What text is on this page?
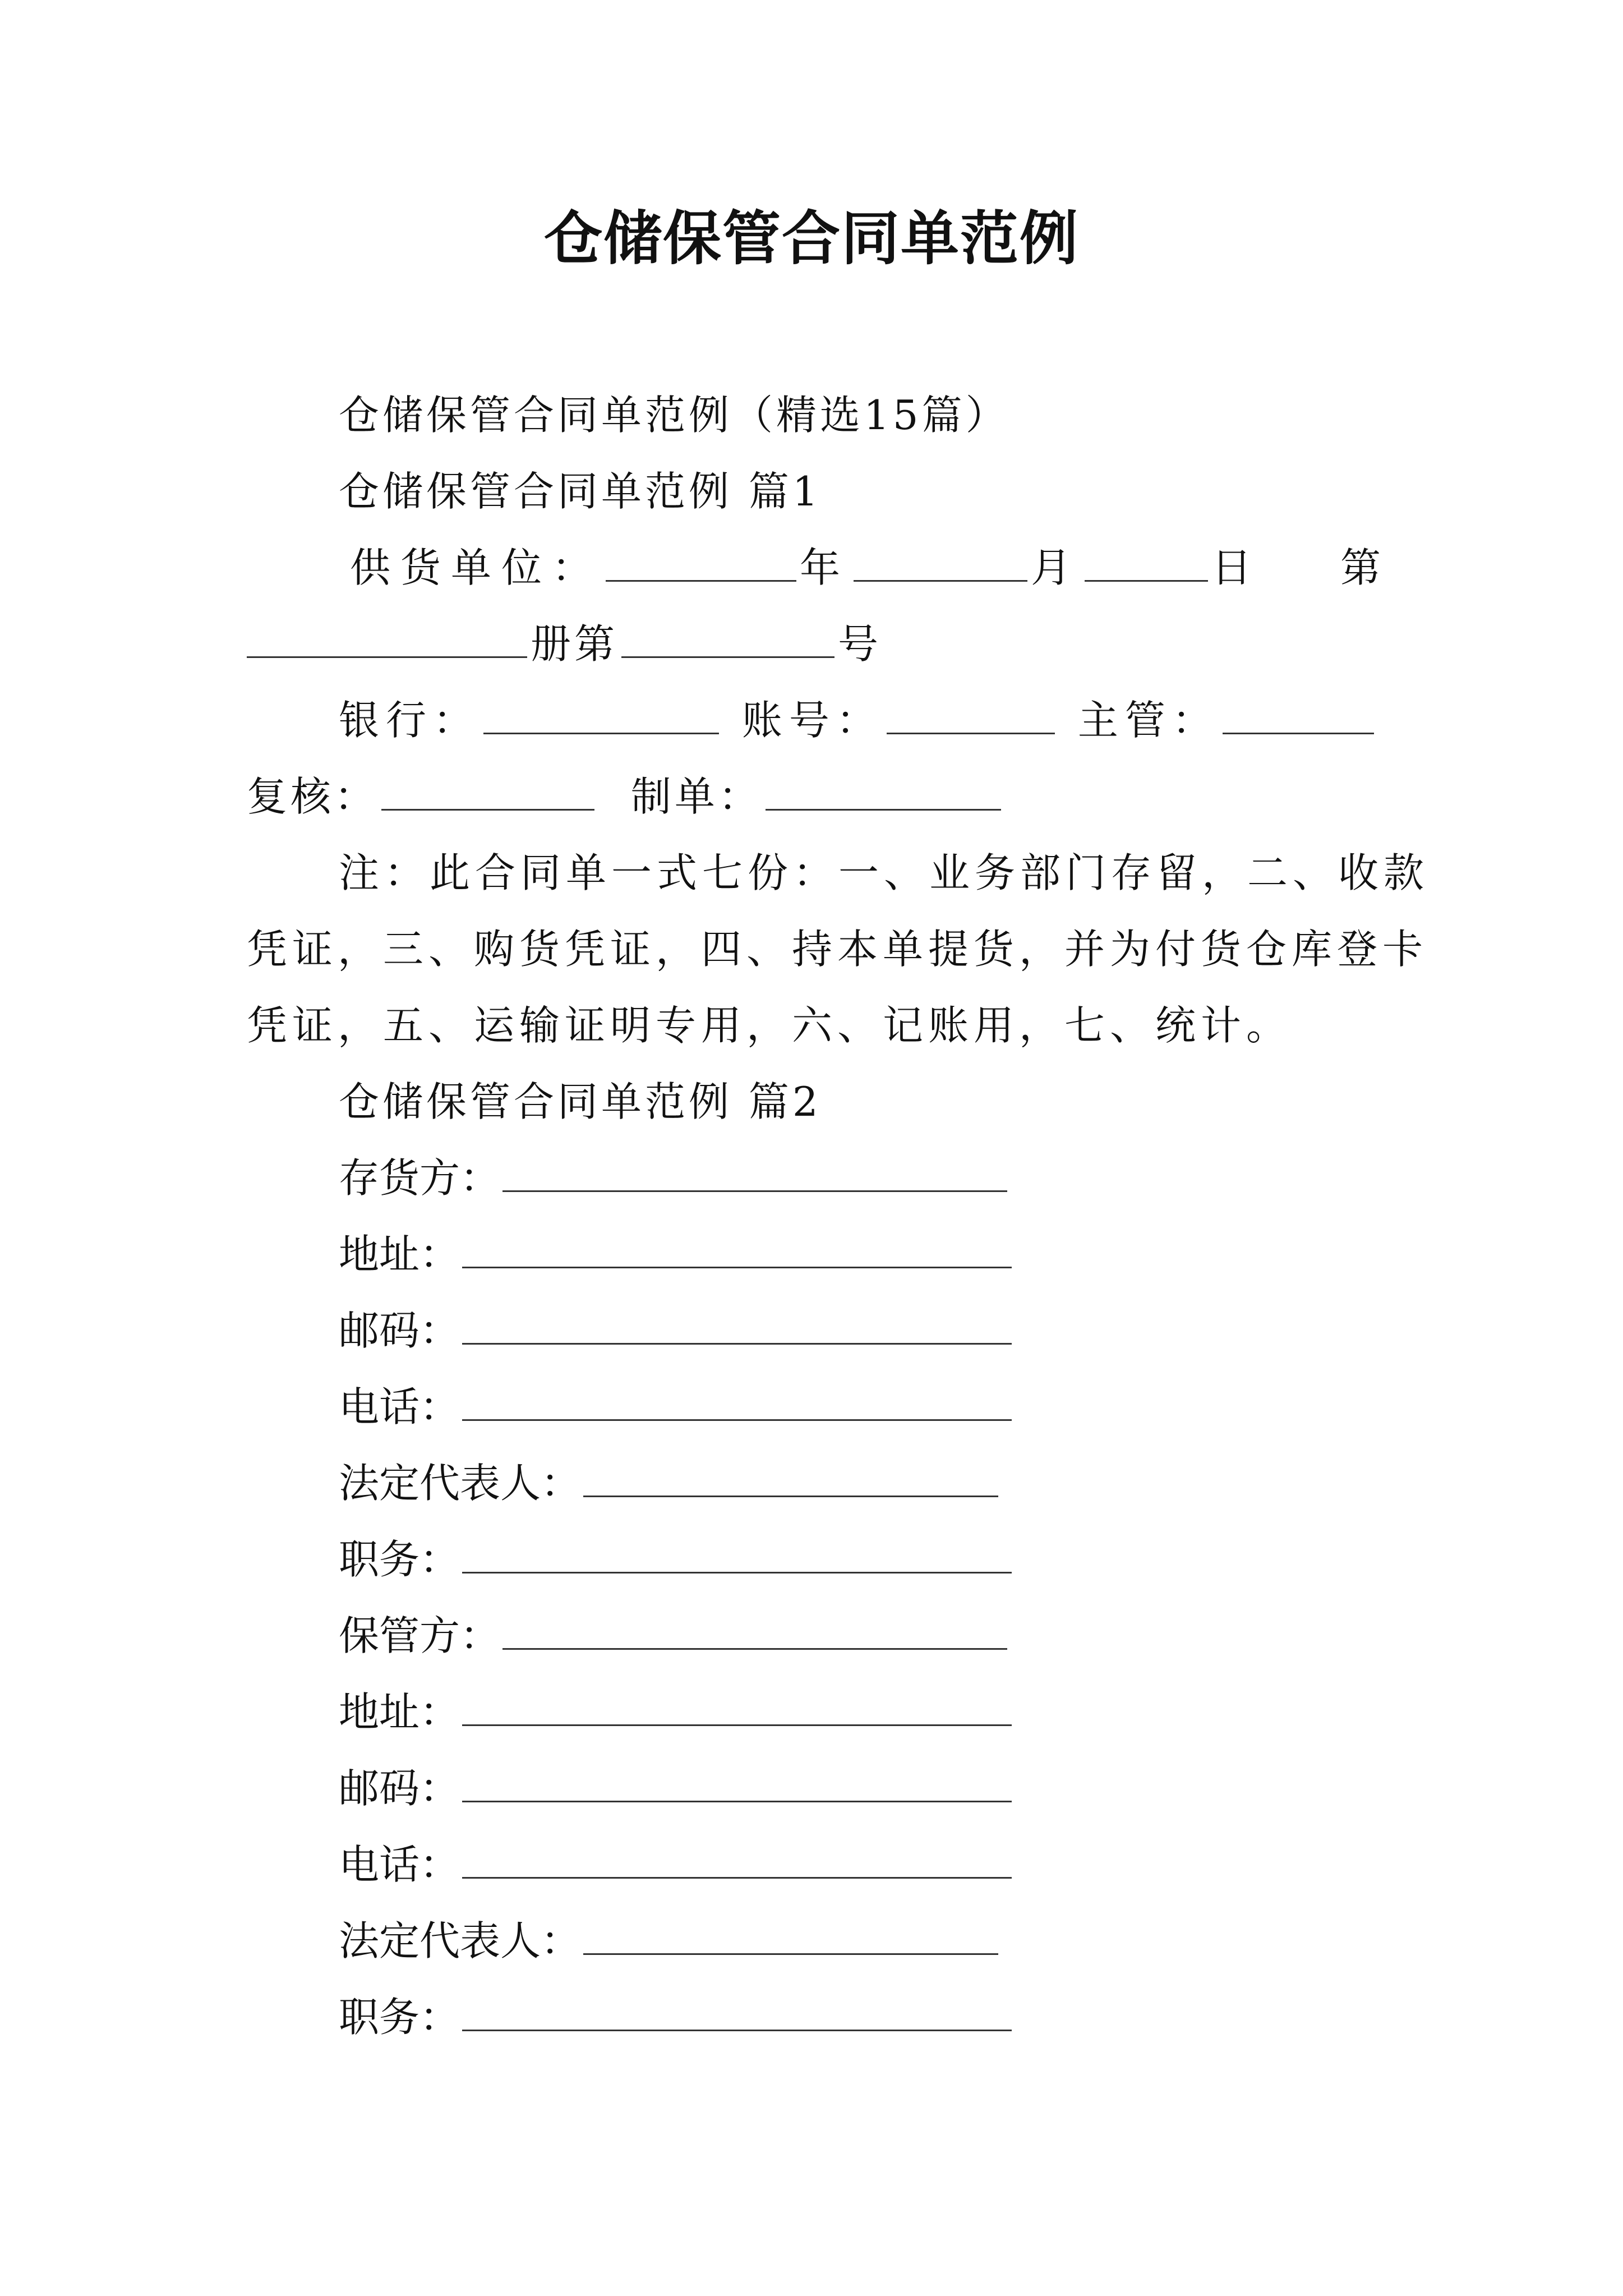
仓储保管合同单范例
仓储保管合同单范例（精选15篇）
仓储保管合同单范例 篇1
供货单位：	年	月	日 第
册第	号
银行：	账号：	主管：
复核：	制单：
注：此合同单一式七份：一、业务部门存留，二、收款
凭证，三、购货凭证，四、持本单提货，并为付货仓库登卡
凭证，五、运输证明专用，六、记账用，七、统计。
仓储保管合同单范例 篇2
存货方：
地址：
邮码：
电话：
法定代表人：
职务：
保管方：
地址：
邮码：
电话：
法定代表人：
职务：
